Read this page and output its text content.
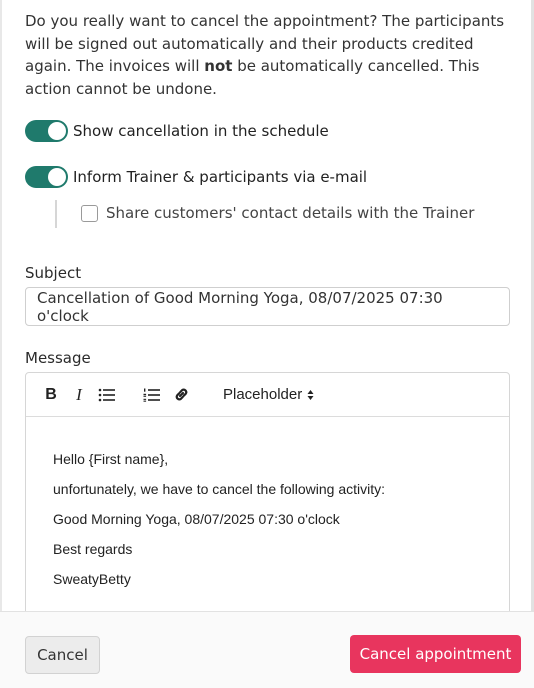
Do you really want to cancel the appointment? The participants will be signed out automatically and their products credited again. The invoices will not be automatically cancelled. This action cannot be undone.
Show cancellation in the schedule
Inform Trainer & participants via e-mail
Share customers' contact details with the Trainer
Subject
Cancellation of Good Morning Yoga, 08/07/2025 07:30 o'clock
Message
B	I	Placeholder

Hello {First name},

unfortunately, we have to cancel the following activity:

Good Morning Yoga, 08/07/2025 07:30 o'clock

Best regards

SweatyBetty

Cancel	Cancel appointment
